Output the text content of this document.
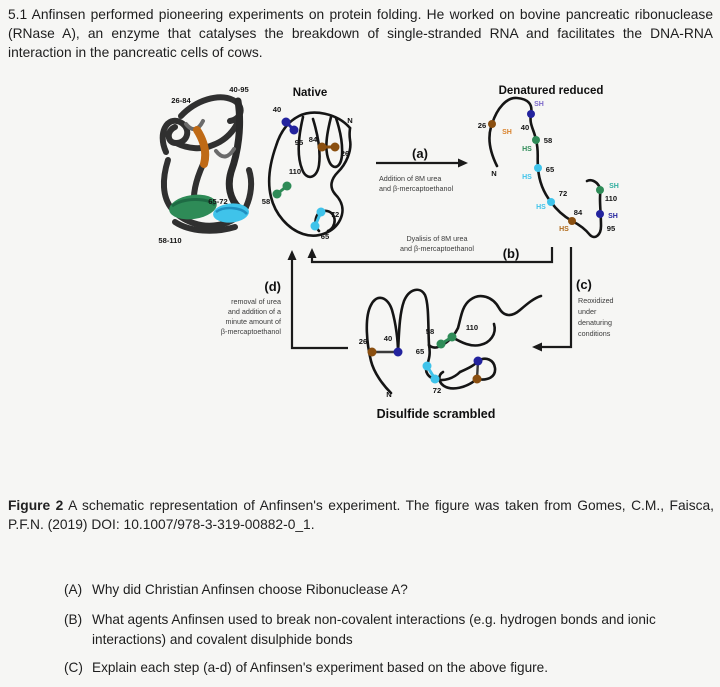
5.1 Anfinsen performed pioneering experiments on protein folding. He worked on bovine pancreatic ribonuclease (RNase A), an enzyme that catalyses the breakdown of single-stranded RNA and facilitates the DNA-RNA interaction in the pancreatic cells of cows.
26-84
40-95
65-72
58-110
Native
40
95 84
26
N
110
58
72
65
Denatured reduced
26
SH
40
SH
58
HS
65
HS
72
HS
84
HS
110
SH
95
SH
N
26 40
58
65
110
72
N
Disulfide scrambled
(a)
Addition of 8M urea
and β-mercaptoethanol
Dyalisis of 8M urea
and β-mercaptoethanol (b)
(c)
Reoxidized
under
denaturing
conditions
(d)
removal of urea
and addition of a
minute amount of
β-mercaptoethanol
Figure 2 A schematic representation of Anfinsen's experiment. The figure was taken from Gomes, C.M., Faisca, P.F.N. (2019) DOI: 10.1007/978-3-319-00882-0_1.
(A) Why did Christian Anfinsen choose Ribonuclease A?
(B) What agents Anfinsen used to break non-covalent interactions (e.g. hydrogen bonds and ionic interactions) and covalent disulphide bonds
(C) Explain each step (a-d) of Anfinsen's experiment based on the above figure.
